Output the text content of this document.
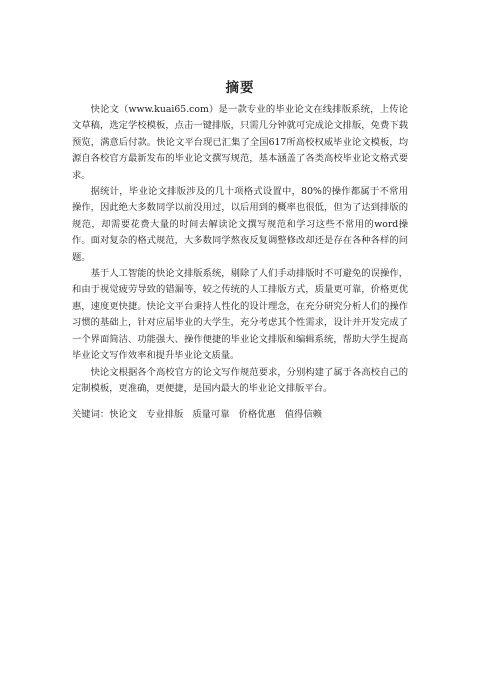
摘要

快论文（www.kuai65.com）是一款专业的毕业论文在线排版系统，上传论文草稿，选定学校模板，点击一键排版，只需几分钟就可完成论文排版，免费下载预览，满意后付款。快论文平台现已汇集了全国617所高校权威毕业论文模板，均源自各校官方最新发布的毕业论文撰写规范，基本涵盖了各类高校毕业论文格式要求。

据统计，毕业论文排版涉及的几十项格式设置中，80%的操作都属于不常用操作，因此绝大多数同学以前没用过，以后用到的概率也很低，但为了达到排版的规范，却需要花费大量的时间去解读论文撰写规范和学习这些不常用的word操作。面对复杂的格式规范，大多数同学熬夜反复调整修改却还是存在各种各样的问题。

基于人工智能的快论文排版系统，剔除了人们手动排版时不可避免的误操作，和由于视觉疲劳导致的错漏等，较之传统的人工排版方式，质量更可靠，价格更优惠，速度更快捷。快论文平台秉持人性化的设计理念，在充分研究分析人们的操作习惯的基础上，针对应届毕业的大学生，充分考虑其个性需求，设计并开发完成了一个界面简洁、功能强大、操作便捷的毕业论文排版和编辑系统，帮助大学生提高毕业论文写作效率和提升毕业论文质量。

快论文根据各个高校官方的论文写作规范要求，分别构建了属于各高校自己的定制模板，更准确，更便捷，是国内最大的毕业论文排版平台。

关键词：快论文 专业排版 质量可靠 价格优惠 值得信赖
